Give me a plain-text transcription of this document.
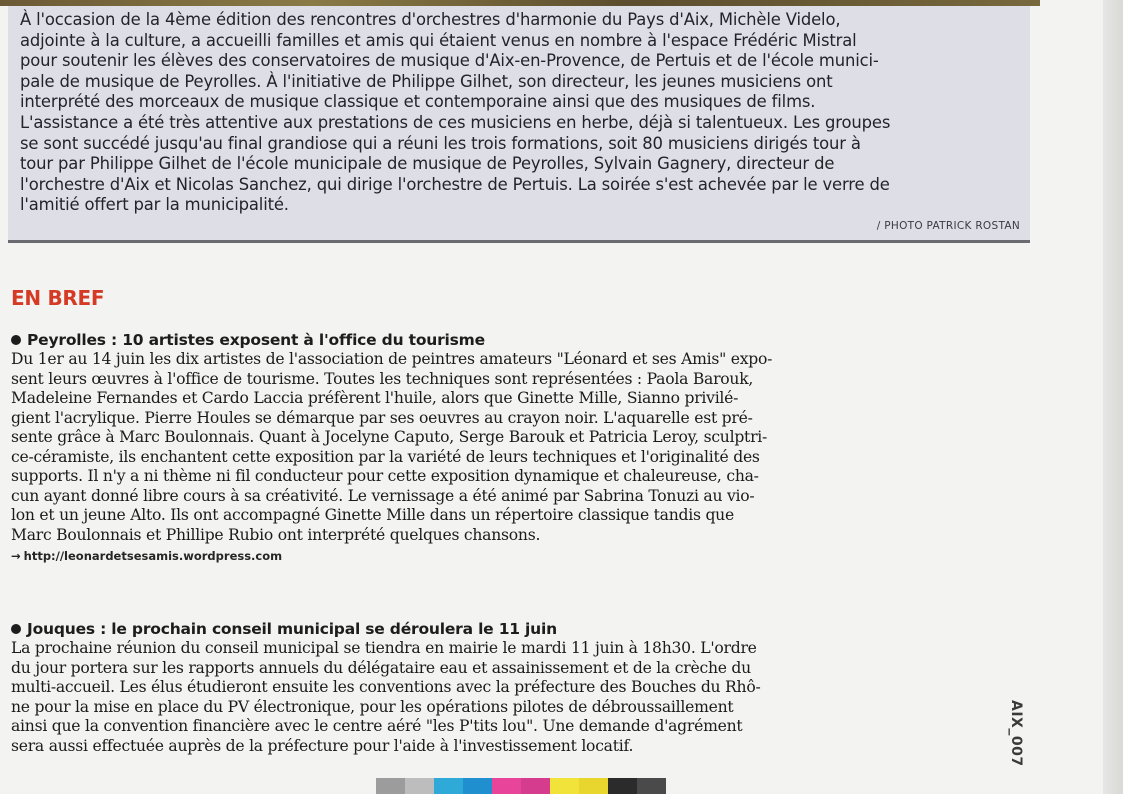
À l'occasion de la 4ème édition des rencontres d'orchestres d'harmonie du Pays d'Aix, Michèle Videlo,
adjointe à la culture, a accueilli familles et amis qui étaient venus en nombre à l'espace Frédéric Mistral
pour soutenir les élèves des conservatoires de musique d'Aix-en-Provence, de Pertuis et de l'école munici-
pale de musique de Peyrolles. À l'initiative de Philippe Gilhet, son directeur, les jeunes musiciens ont
interprété des morceaux de musique classique et contemporaine ainsi que des musiques de films.
L'assistance a été très attentive aux prestations de ces musiciens en herbe, déjà si talentueux. Les groupes
se sont succédé jusqu'au final grandiose qui a réuni les trois formations, soit 80 musiciens dirigés tour à
tour par Philippe Gilhet de l'école municipale de musique de Peyrolles, Sylvain Gagnery, directeur de
l'orchestre d'Aix et Nicolas Sanchez, qui dirige l'orchestre de Pertuis. La soirée s'est achevée par le verre de
l'amitié offert par la municipalité.
/ PHOTO PATRICK ROSTAN
EN BREF
Peyrolles : 10 artistes exposent à l'office du tourisme
Du 1er au 14 juin les dix artistes de l'association de peintres amateurs "Léonard et ses Amis" expo-
sent leurs œuvres à l'office de tourisme. Toutes les techniques sont représentées : Paola Barouk,
Madeleine Fernandes et Cardo Laccia préfèrent l'huile, alors que Ginette Mille, Sianno privilé-
gient l'acrylique. Pierre Houles se démarque par ses oeuvres au crayon noir. L'aquarelle est pré-
sente grâce à Marc Boulonnais. Quant à Jocelyne Caputo, Serge Barouk et Patricia Leroy, sculptri-
ce-céramiste, ils enchantent cette exposition par la variété de leurs techniques et l'originalité des
supports. Il n'y a ni thème ni fil conducteur pour cette exposition dynamique et chaleureuse, cha-
cun ayant donné libre cours à sa créativité. Le vernissage a été animé par Sabrina Tonuzi au vio-
lon et un jeune Alto. Ils ont accompagné Ginette Mille dans un répertoire classique tandis que
Marc Boulonnais et Phillipe Rubio ont interprété quelques chansons.
→ http://leonardetsesamis.wordpress.com
Jouques : le prochain conseil municipal se déroulera le 11 juin
La prochaine réunion du conseil municipal se tiendra en mairie le mardi 11 juin à 18h30. L'ordre
du jour portera sur les rapports annuels du délégataire eau et assainissement et de la crèche du
multi-accueil. Les élus étudieront ensuite les conventions avec la préfecture des Bouches du Rhô-
ne pour la mise en place du PV électronique, pour les opérations pilotes de débroussaillement
ainsi que la convention financière avec le centre aéré "les P'tits lou". Une demande d'agrément
sera aussi effectuée auprès de la préfecture pour l'aide à l'investissement locatif.	AIX_007
